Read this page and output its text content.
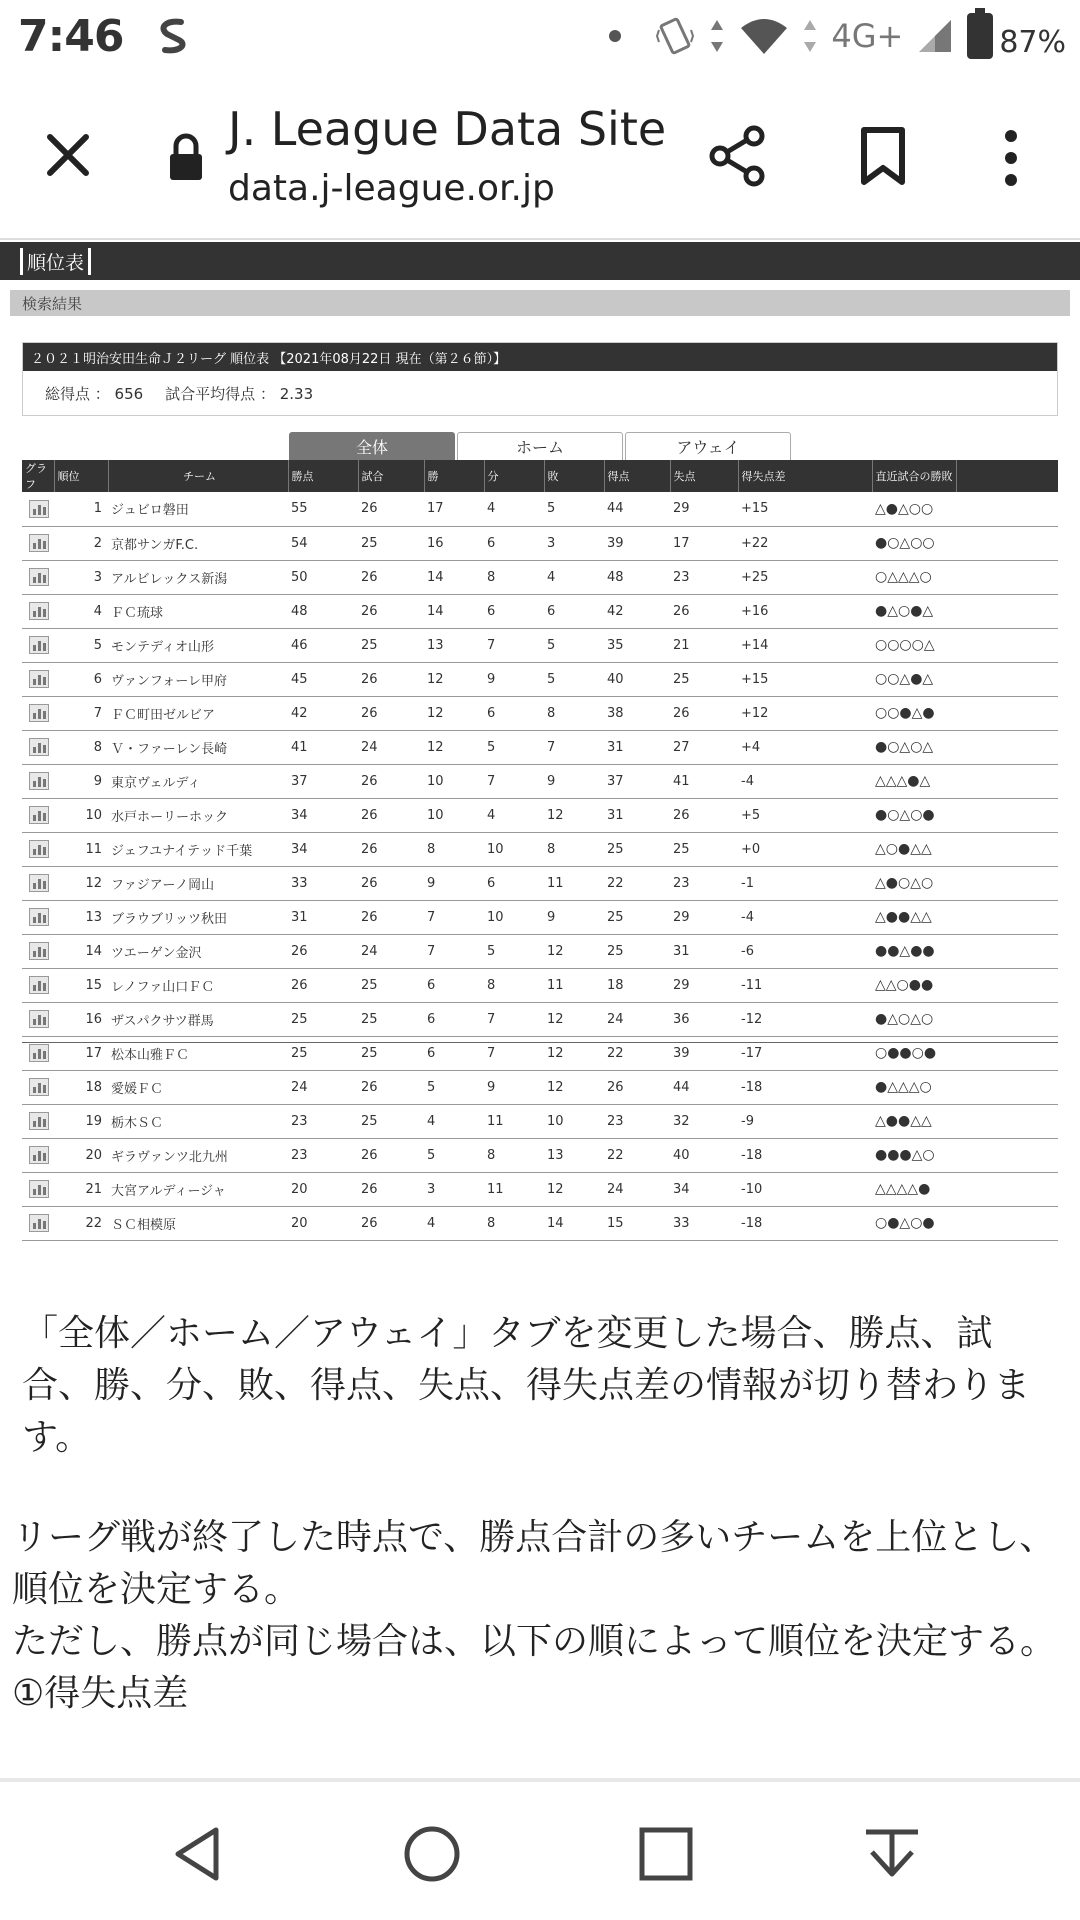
7:46	4G+	87%
J. League Data Site
data.j-league.or.jp
順位表
検索結果
２０２１明治安田生命Ｊ２リーグ 順位表 【2021年08月22日 現在（第２６節）】
総得点 ： 656 試合平均得点 ： 2.33
全体	ホーム	アウェイ
グラフ	順位	チーム	勝点	試合	勝	分	敗	得点	失点	得失点差	直近試合の勝敗	

	1	ジュビロ磐田	55	26	17	4	5	44	29	+15	△●△○○	

	2	京都サンガF.C.	54	25	16	6	3	39	17	+22	●○△○○	

	3	アルビレックス新潟	50	26	14	8	4	48	23	+25	○△△△○	

	4	ＦＣ琉球	48	26	14	6	6	42	26	+16	●△○●△	

	5	モンテディオ山形	46	25	13	7	5	35	21	+14	○○○○△	

	6	ヴァンフォーレ甲府	45	26	12	9	5	40	25	+15	○○△●△	

	7	ＦＣ町田ゼルビア	42	26	12	6	8	38	26	+12	○○●△●	

	8	Ｖ・ファーレン長崎	41	24	12	5	7	31	27	+4	●○△○△	

	9	東京ヴェルディ	37	26	10	7	9	37	41	-4	△△△●△	

	10	水戸ホーリーホック	34	26	10	4	12	31	26	+5	●○△○●	

	11	ジェフユナイテッド千葉	34	26	8	10	8	25	25	+0	△○●△△	

	12	ファジアーノ岡山	33	26	9	6	11	22	23	-1	△●○△○	

	13	ブラウブリッツ秋田	31	26	7	10	9	25	29	-4	△●●△△	

	14	ツエーゲン金沢	26	24	7	5	12	25	31	-6	●●△●●	

	15	レノファ山口ＦＣ	26	25	6	8	11	18	29	-11	△△○●●	

	16	ザスパクサツ群馬	25	25	6	7	12	24	36	-12	●△○△○	

	17	松本山雅ＦＣ	25	25	6	7	12	22	39	-17	○●●○●	

	18	愛媛ＦＣ	24	26	5	9	12	26	44	-18	●△△△○	

	19	栃木ＳＣ	23	25	4	11	10	23	32	-9	△●●△△	

	20	ギラヴァンツ北九州	23	26	5	8	13	22	40	-18	●●●△○	

	21	大宮アルディージャ	20	26	3	11	12	24	34	-10	△△△△●	

	22	ＳＣ相模原	20	26	4	8	14	15	33	-18	○●△○●	
「全体／ホーム／アウェイ」タブを変更した場合、勝点、試合、勝、分、敗、得点、失点、得失点差の情報が切り替わります。
リーグ戦が終了した時点で、勝点合計の多いチームを上位とし、順位を決定する。
ただし、勝点が同じ場合は、以下の順によって順位を決定する。
①得失点差
